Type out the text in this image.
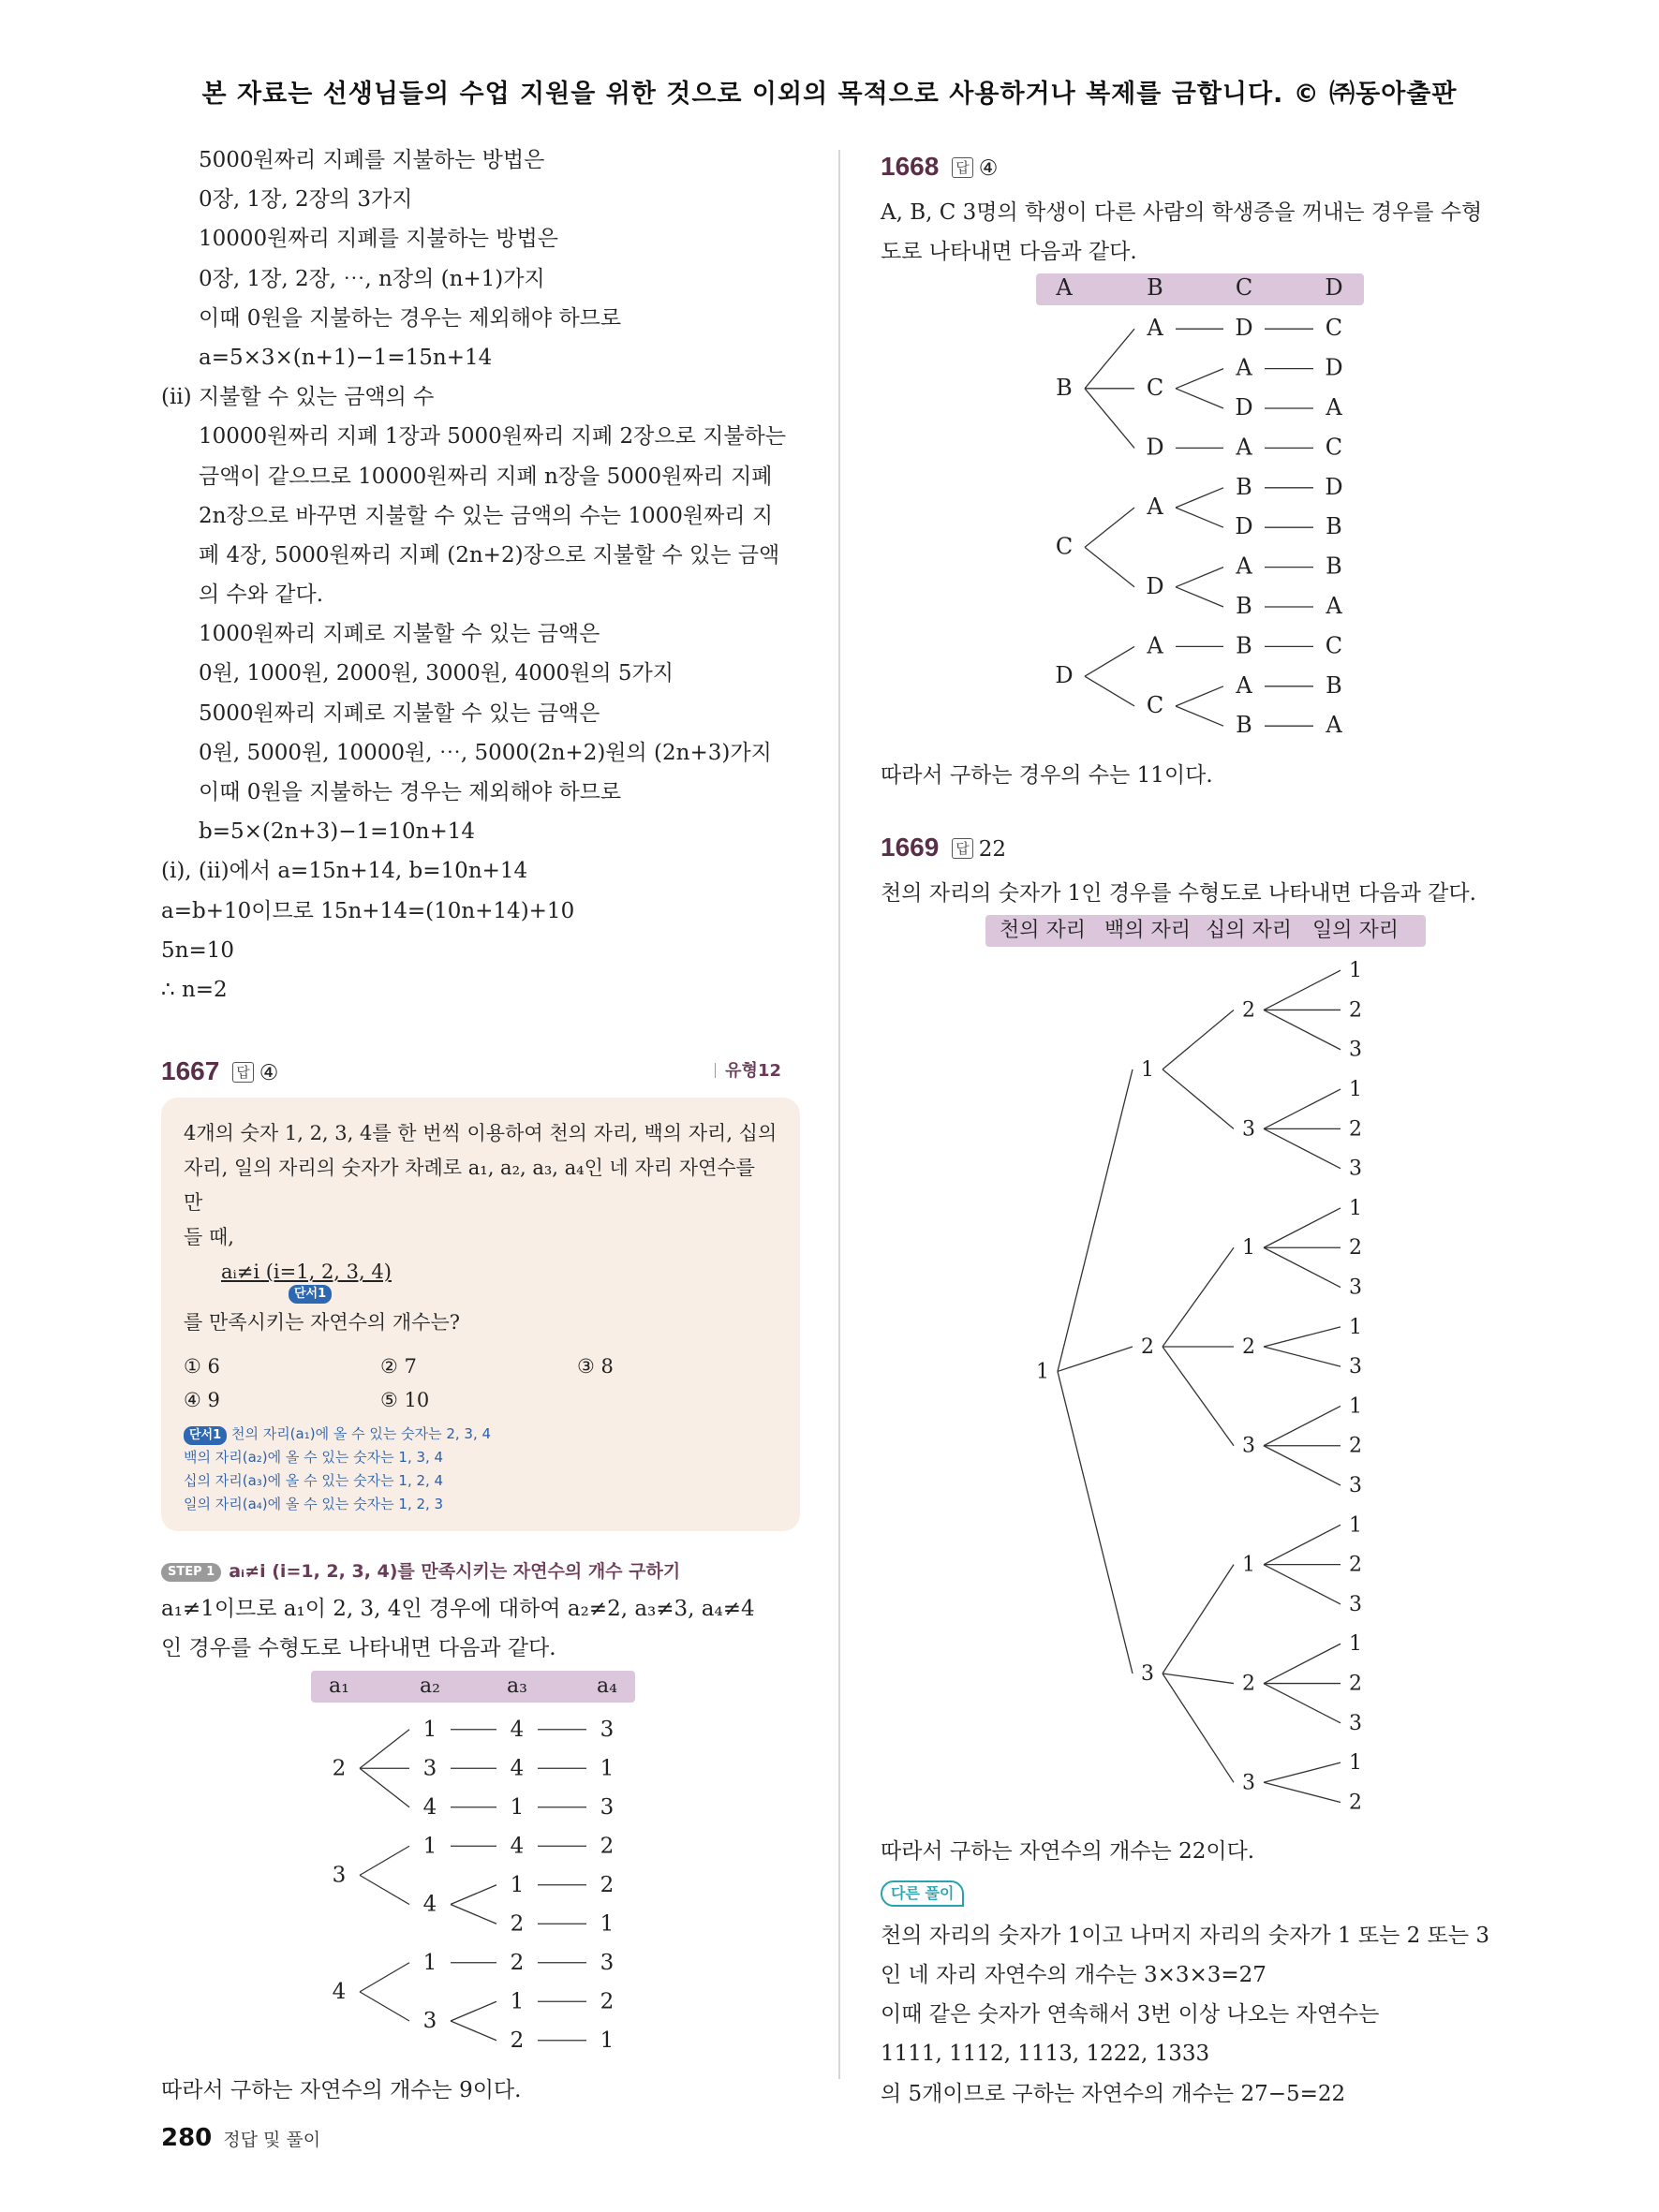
본 자료는 선생님들의 수업 지원을 위한 것으로 이외의 목적으로 사용하거나 복제를 금합니다. © ㈜동아출판
5000원짜리 지폐를 지불하는 방법은
0장, 1장, 2장의 3가지
10000원짜리 지폐를 지불하는 방법은
0장, 1장, 2장, ⋯, n장의 (n+1)가지
이때 0원을 지불하는 경우는 제외해야 하므로
a=5×3×(n+1)−1=15n+14
(ⅱ) 지불할 수 있는 금액의 수
10000원짜리 지폐 1장과 5000원짜리 지폐 2장으로 지불하는
금액이 같으므로 10000원짜리 지폐 n장을 5000원짜리 지폐
2n장으로 바꾸면 지불할 수 있는 금액의 수는 1000원짜리 지
폐 4장, 5000원짜리 지폐 (2n+2)장으로 지불할 수 있는 금액
의 수와 같다.
1000원짜리 지폐로 지불할 수 있는 금액은
0원, 1000원, 2000원, 3000원, 4000원의 5가지
5000원짜리 지폐로 지불할 수 있는 금액은
0원, 5000원, 10000원, ⋯, 5000(2n+2)원의 (2n+3)가지
이때 0원을 지불하는 경우는 제외해야 하므로
b=5×(2n+3)−1=10n+14
(ⅰ), (ⅱ)에서 a=15n+14, b=10n+14
a=b+10이므로 15n+14=(10n+14)+10
5n=10
∴ n=2
1667 답 ④	유형12
4개의 숫자 1, 2, 3, 4를 한 번씩 이용하여 천의 자리, 백의 자리, 십의
자리, 일의 자리의 숫자가 차례로 a₁, a₂, a₃, a₄인 네 자리 자연수를 만
들 때,
aᵢ≠i (i=1, 2, 3, 4)
단서1
를 만족시키는 자연수의 개수는?
① 6	② 7	③ 8
④ 9	⑤ 10
단서1 천의 자리(a₁)에 올 수 있는 숫자는 2, 3, 4
백의 자리(a₂)에 올 수 있는 숫자는 1, 3, 4
십의 자리(a₃)에 올 수 있는 숫자는 1, 2, 4
일의 자리(a₄)에 올 수 있는 숫자는 1, 2, 3
STEP 1 aᵢ≠i (i=1, 2, 3, 4)를 만족시키는 자연수의 개수 구하기
a₁≠1이므로 a₁이 2, 3, 4인 경우에 대하여 a₂≠2, a₃≠3, a₄≠4
인 경우를 수형도로 나타내면 다음과 같다.
a₁	a₂	a₃	a₄
3
4
1
1
4
3
3
1
4
2
2
4
1
2
1
1
2
4
3
3
2
1
2
1
1
2
3
4
따라서 구하는 자연수의 개수는 9이다.
1668 답 ④
A, B, C 3명의 학생이 다른 사람의 학생증을 꺼내는 경우를 수형
도로 나타내면 다음과 같다.
A	B	C	D
C
D
A
D
A
A
D
C
C
A
D
B
D
B
B
D
A
B
A
A
B
D
C
C
B
A
B
A
A
B
C
D
따라서 구하는 경우의 수는 11이다.
1669 답 22
천의 자리의 숫자가 1인 경우를 수형도로 나타내면 다음과 같다.
천의 자리 백의 자리 십의 자리 일의 자리
1
2
3
2
1
2
3
3
1
1
2
3
1
1
3
2
1
2
3
3
2
1
2
3
1
1
2
3
2
1
2
3
3
1
따라서 구하는 자연수의 개수는 22이다.
다른 풀이
천의 자리의 숫자가 1이고 나머지 자리의 숫자가 1 또는 2 또는 3
인 네 자리 자연수의 개수는 3×3×3=27
이때 같은 숫자가 연속해서 3번 이상 나오는 자연수는
1111, 1112, 1113, 1222, 1333
의 5개이므로 구하는 자연수의 개수는 27−5=22
280 정답 및 풀이
